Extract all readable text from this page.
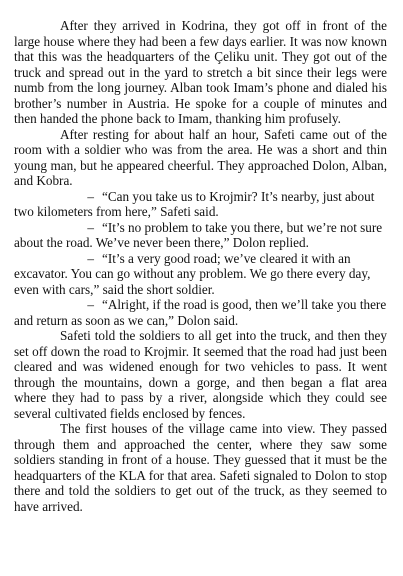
After they arrived in Kodrina, they got off in front of the large house where they had been a few days earlier. It was now known that this was the headquarters of the Çeliku unit. They got out of the truck and spread out in the yard to stretch a bit since their legs were numb from the long journey. Alban took Imam’s phone and dialed his brother’s number in Austria. He spoke for a couple of minutes and then handed the phone back to Imam, thanking him profusely.

After resting for about half an hour, Safeti came out of the room with a soldier who was from the area. He was a short and thin young man, but he appeared cheerful. They approached Dolon, Alban, and Kobra.

– “Can you take us to Krojmir? It’s nearby, just about two kilometers from here,” Safeti said.

– “It’s no problem to take you there, but we’re not sure about the road. We’ve never been there,” Dolon replied.

– “It’s a very good road; we’ve cleared it with an excavator. You can go without any problem. We go there every day, even with cars,” said the short soldier.

– “Alright, if the road is good, then we’ll take you there and return as soon as we can,” Dolon said.

Safeti told the soldiers to all get into the truck, and then they set off down the road to Krojmir. It seemed that the road had just been cleared and was widened enough for two vehicles to pass. It went through the mountains, down a gorge, and then began a flat area where they had to pass by a river, alongside which they could see several cultivated fields enclosed by fences.

The first houses of the village came into view. They passed through them and approached the center, where they saw some soldiers standing in front of a house. They guessed that it must be the headquarters of the KLA for that area. Safeti signaled to Dolon to stop there and told the soldiers to get out of the truck, as they seemed to have arrived.
